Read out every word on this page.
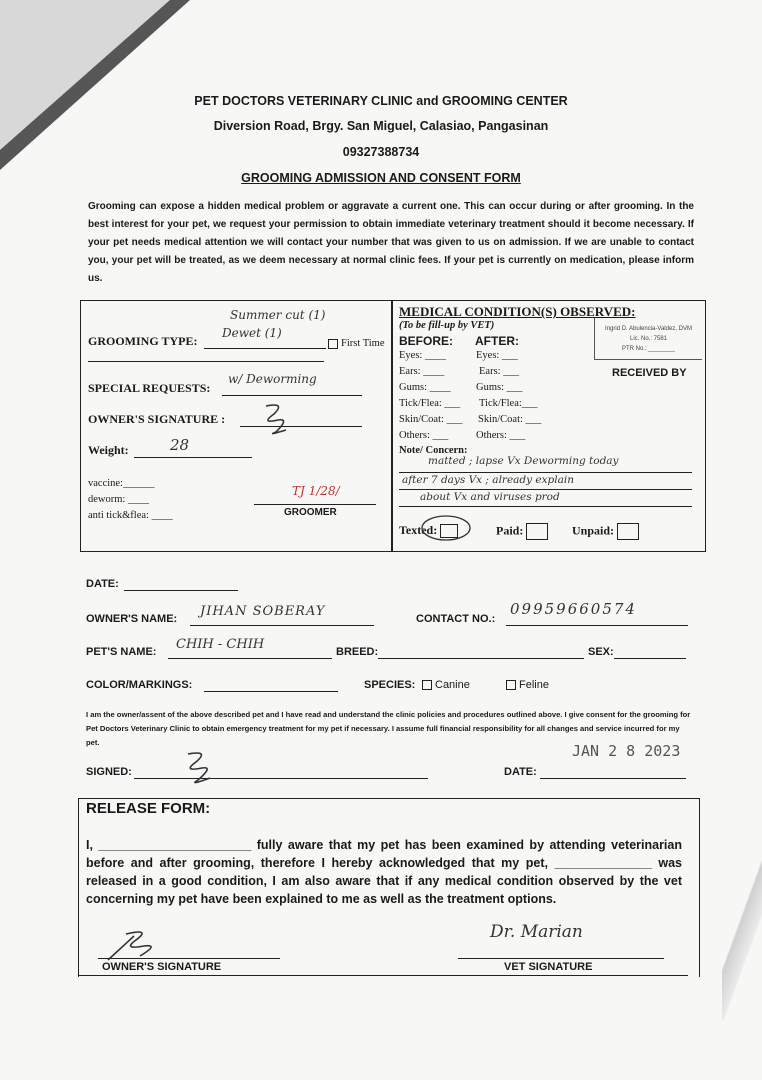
PET DOCTORS VETERINARY CLINIC and GROOMING CENTER
Diversion Road, Brgy. San Miguel, Calasiao, Pangasinan
09327388734
GROOMING ADMISSION AND CONSENT FORM
Grooming can expose a hidden medical problem or aggravate a current one. This can occur during or after grooming. In the best interest for your pet, we request your permission to obtain immediate veterinary treatment should it become necessary. If your pet needs medical attention we will contact your number that was given to us on admission. If we are unable to contact you, your pet will be treated, as we deem necessary at normal clinic fees. If your pet is currently on medication, please inform us.
GROOMING TYPE:
Summer cut (1)
Dewet (1)
First Time
SPECIAL REQUESTS:
w/ Deworming
OWNER'S SIGNATURE :
Weight:	28
vaccine:______
deworm: ____
anti tick&flea: ____
TJ 1/28/
GROOMER
MEDICAL CONDITION(S) OBSERVED:
(To be fill-up by VET)
BEFORE: AFTER:
Ingrid D. Abulencia-Valdez, DVM
Lic. No.: 7581
PTR No.: ________
RECEIVED BY
Eyes: ____	Eyes: ___
Ears: ____	Ears: ___
Gums: ____ Gums: ___
Tick/Flea: ___ Tick/Flea:___
Skin/Coat: ___ Skin/Coat: ___
Others: ___	Others: ___
Note/ Concern:
matted ; lapse Vx Deworming today
after 7 days Vx ; already explain
about Vx and viruses prod
Texted:	Paid:	Unpaid:
DATE:
OWNER'S NAME: JIHAN SOBERAY	CONTACT NO.:
09959660574
PET'S NAME: CHIH - CHIH	BREED:	SEX:
COLOR/MARKINGS:	SPECIES:	Canine	Feline
I am the owner/assent of the above described pet and I have read and understand the clinic policies and procedures outlined above. I give consent for the grooming for Pet Doctors Veterinary Clinic to obtain emergency treatment for my pet if necessary. I assume full financial responsibility for all changes and service incurred for my pet.
SIGNED:	DATE:
JAN 2 8 2023
RELEASE FORM:
I, ______________________ fully aware that my pet has been examined by attending veterinarian before and after grooming, therefore I hereby acknowledged that my pet, ______________ was released in a good condition, I am also aware that if any medical condition observed by the vet concerning my pet have been explained to me as well as the treatment options.
OWNER'S SIGNATURE
Dr. Marian
VET SIGNATURE
